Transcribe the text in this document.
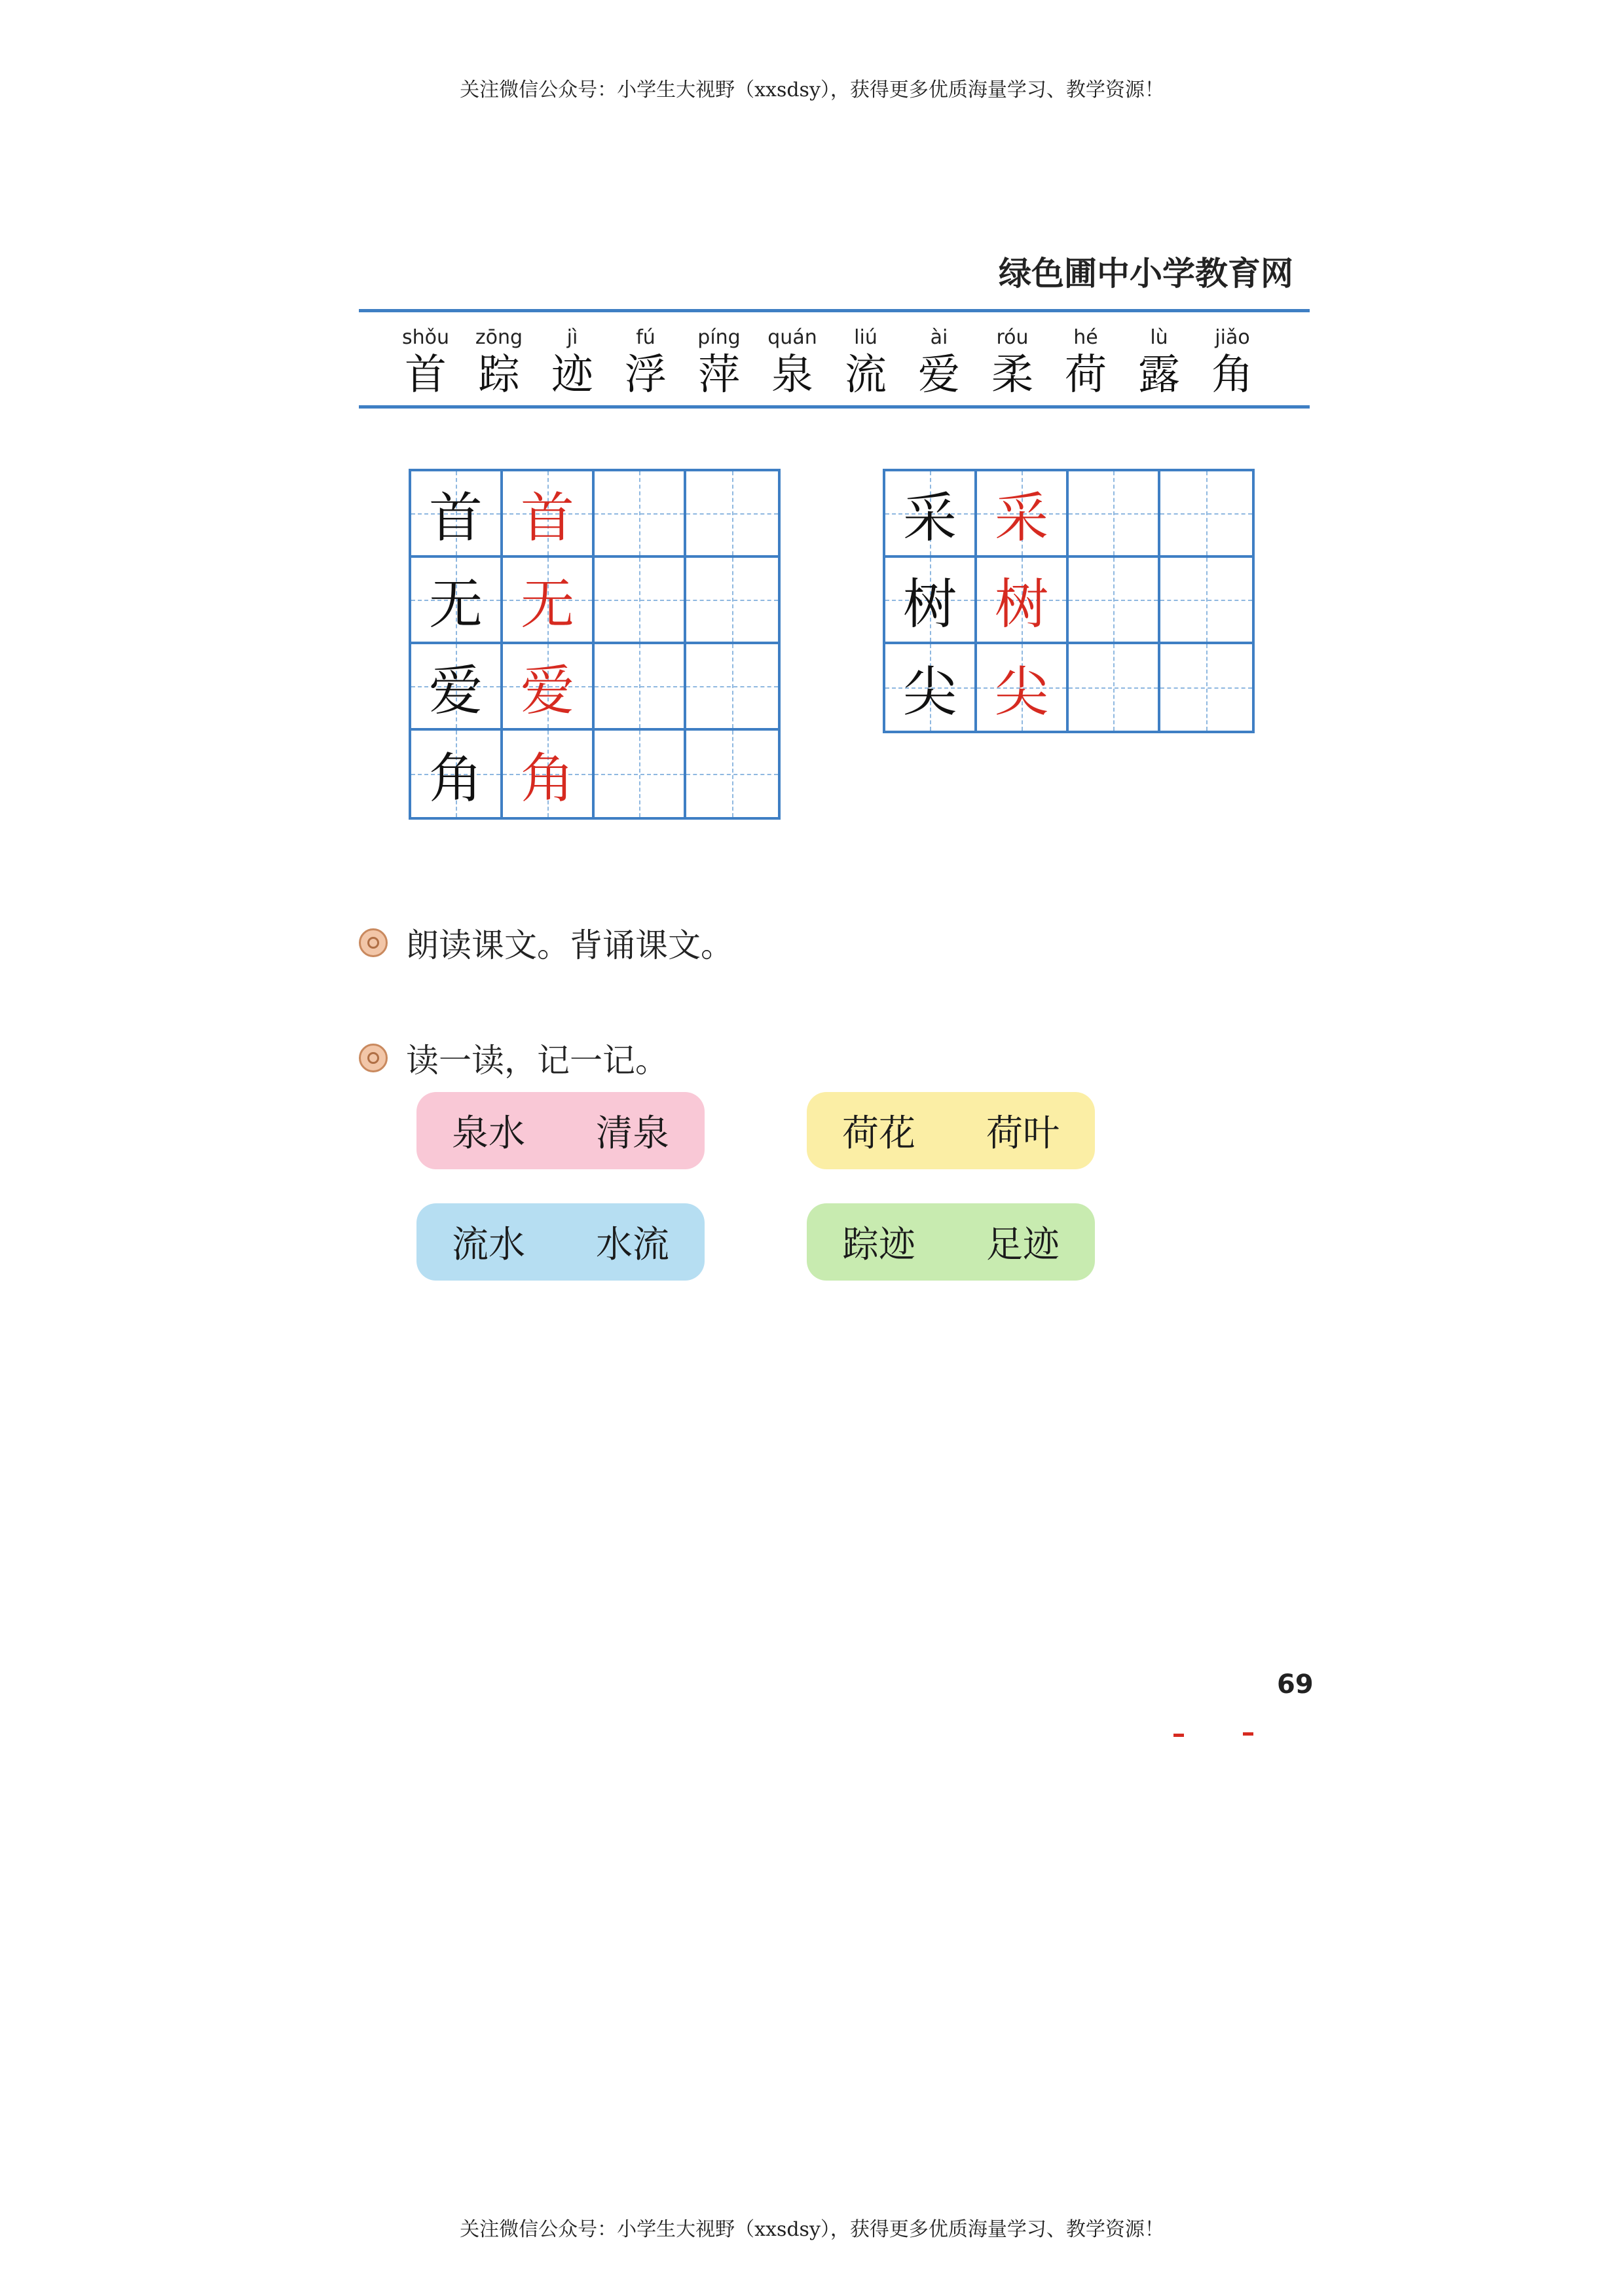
关注微信公众号：小学生大视野（xxsdsy），获得更多优质海量学习、教学资源！
绿色圃中小学教育网
shǒu
首
zōng
踪
jì
迹
fú
浮
píng
萍
quán
泉
liú
流
ài
爱
róu
柔
hé
荷
lù
露
jiǎo
角
首 首
无 无
爱 爱
角 角
采 采
树 树
尖 尖
朗读课文。背诵课文。
读一读，记一记。
泉水 清泉	荷花 荷叶
流水 水流	踪迹 足迹
69
关注微信公众号：小学生大视野（xxsdsy），获得更多优质海量学习、教学资源！
